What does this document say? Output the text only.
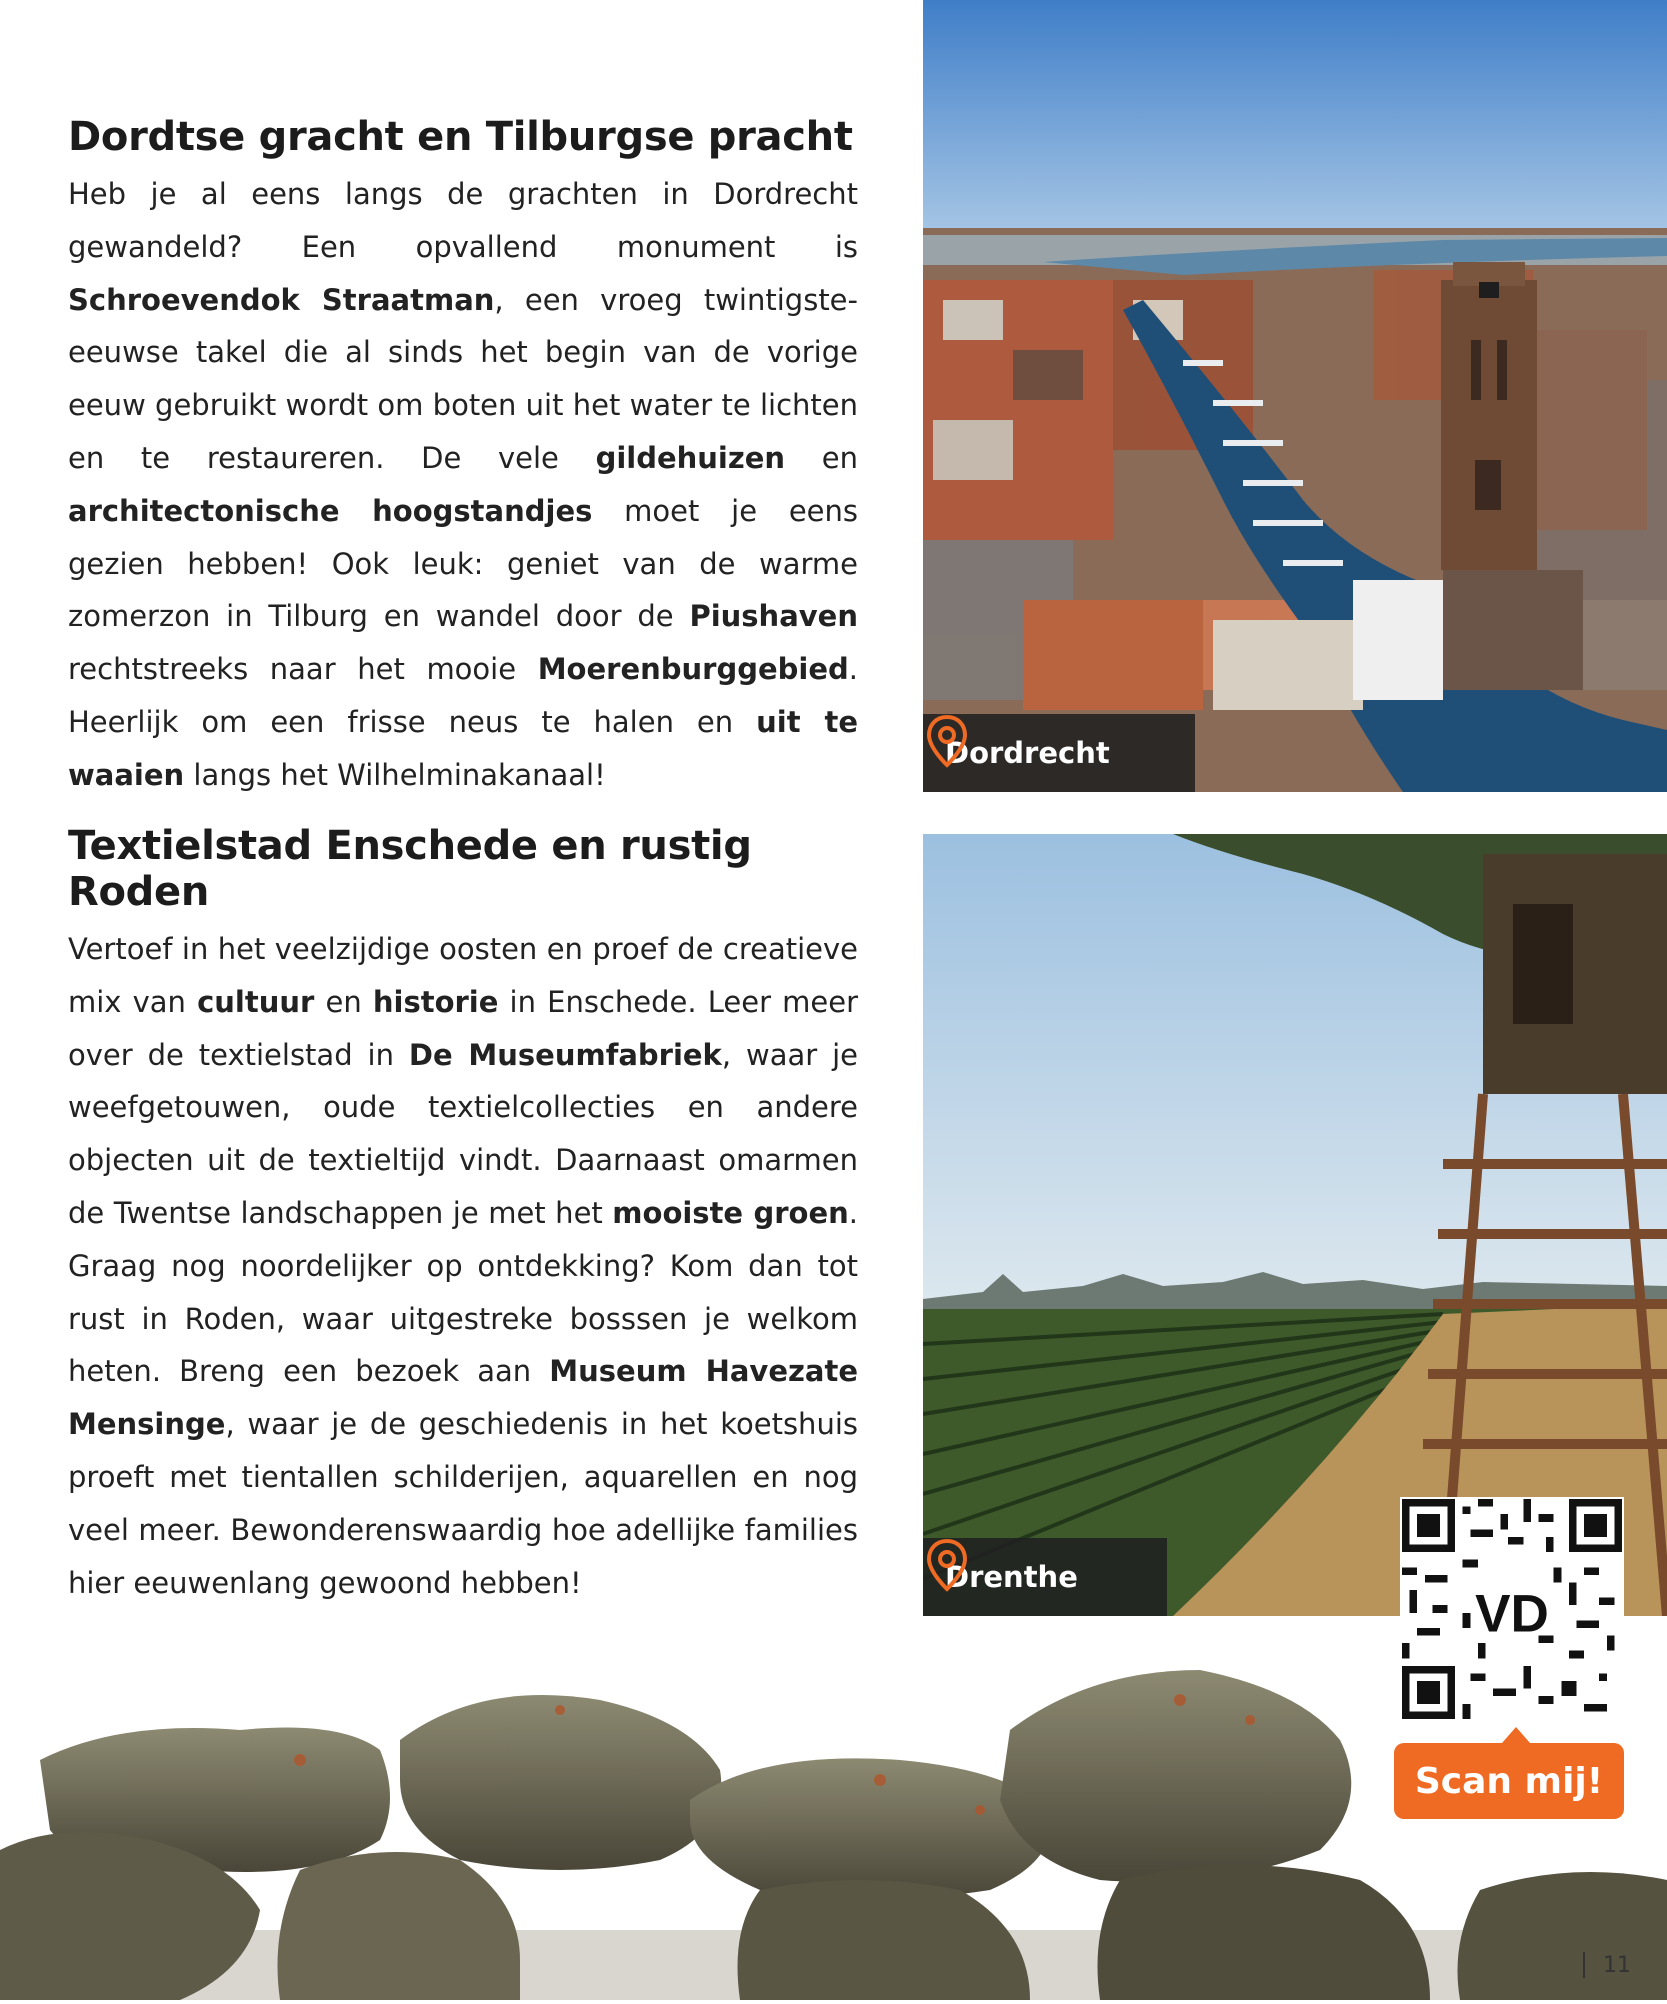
Dordtse gracht en Tilburgse pracht

Heb je al eens langs de grachten in Dordrecht gewandeld? Een opvallend monument is Schroevendok Straatman, een vroeg twintigste-eeuwse takel die al sinds het begin van de vorige eeuw gebruikt wordt om boten uit het water te lichten en te restaureren. De vele gildehuizen en architectonische hoogstandjes moet je eens gezien hebben! Ook leuk: geniet van de warme zomerzon in Tilburg en wandel door de Piushaven rechtstreeks naar het mooie Moerenburggebied. Heerlijk om een frisse neus te halen en uit te waaien langs het Wilhelminakanaal!

Textielstad Enschede en rustig Roden

Vertoef in het veelzijdige oosten en proef de creatieve mix van cultuur en historie in Enschede. Leer meer over de textielstad in De Museumfabriek, waar je weefgetouwen, oude textielcollecties en andere objecten uit de textieltijd vindt. Daarnaast omarmen de Twentse landschappen je met het mooiste groen. Graag nog noordelijker op ontdekking? Kom dan tot rust in Roden, waar uitgestreke bosssen je welkom heten. Breng een bezoek aan Museum Havezate Mensinge, waar je de geschiedenis in het koetshuis proeft met tientallen schilderijen, aquarellen en nog veel meer. Bewonderenswaardig hoe adellijke families hier eeuwenlang gewoond hebben!

Dordrecht
Drenthe
VD
Scan mij!
11
